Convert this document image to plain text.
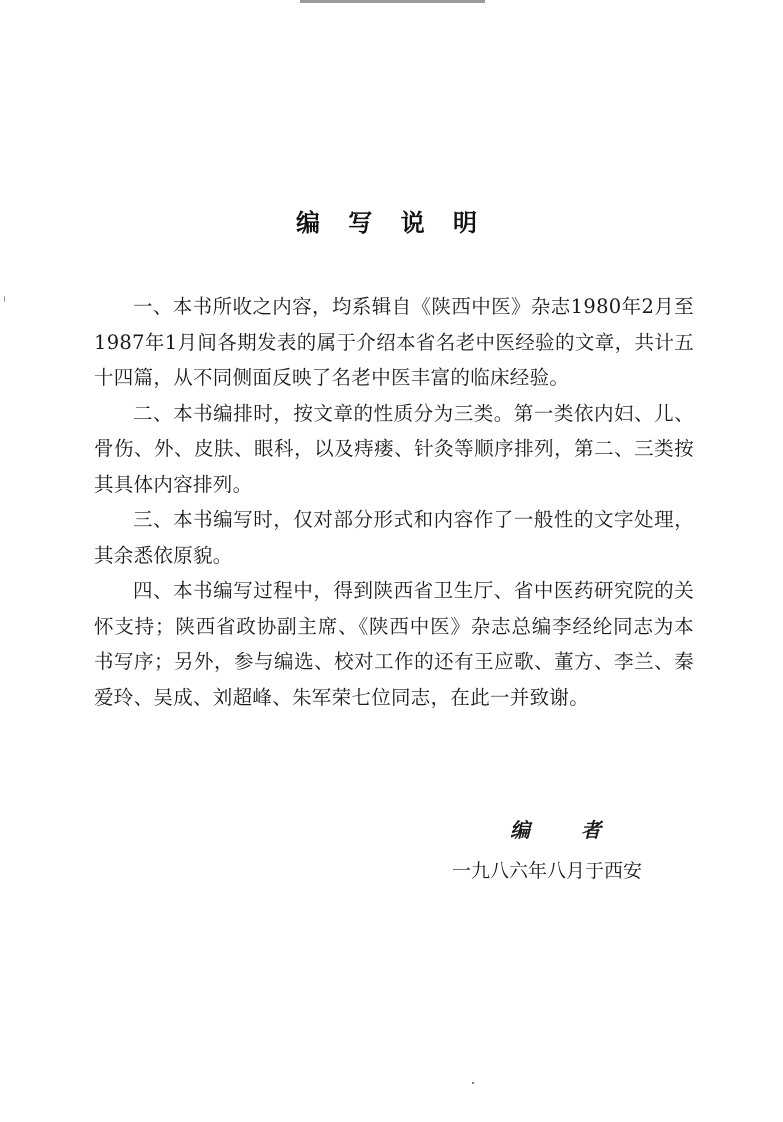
编 写 说 明

一、本书所收之内容，均系辑自《陕西中医》杂志1980年2月至1987年1月间各期发表的属于介绍本省名老中医经验的文章，共计五十四篇，从不同侧面反映了名老中医丰富的临床经验。

二、本书编排时，按文章的性质分为三类。第一类依内妇、儿、骨伤、外、皮肤、眼科，以及痔瘘、针灸等顺序排列，第二、三类按其具体内容排列。

三、本书编写时，仅对部分形式和内容作了一般性的文字处理，其余悉依原貌。

四、本书编写过程中，得到陕西省卫生厅、省中医药研究院的关怀支持；陕西省政协副主席、《陕西中医》杂志总编李经纶同志为本书写序；另外，参与编选、校对工作的还有王应歌、董方、李兰、秦爱玲、吴成、刘超峰、朱军荣七位同志，在此一并致谢。

编 者
一九八六年八月于西安
